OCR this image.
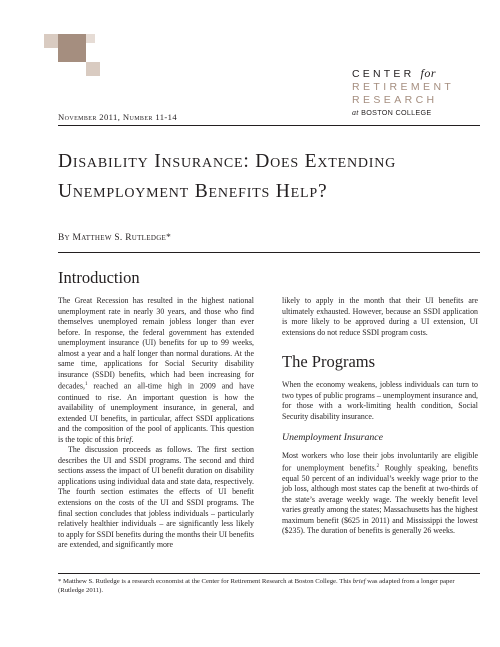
CENTER for
RETIREMENT
RESEARCH
at BOSTON COLLEGE
November 2011, Number 11-14
Disability Insurance: Does Extending
Unemployment Benefits Help?
By Matthew S. Rutledge*
Introduction

The Great Recession has resulted in the highest national unemployment rate in nearly 30 years, and those who find themselves unemployed remain jobless longer than ever before. In response, the federal government has extended unemployment insurance (UI) benefits for up to 99 weeks, almost a year and a half longer than normal durations. At the same time, applications for Social Security disability insurance (SSDI) benefits, which had been increasing for decades,$^1$ reached an all-time high in 2009 and have continued to rise. An important question is how the availability of unemployment insurance, in general, and extended UI benefits, in particular, affect SSDI applications and the composition of the pool of applicants. This question is the topic of this brief.

The discussion proceeds as follows. The first section describes the UI and SSDI programs. The second and third sections assess the impact of UI benefit duration on disability applications using individual data and state data, respectively. The fourth section estimates the effects of UI benefit extensions on the costs of the UI and SSDI programs. The final section concludes that jobless individuals – particularly relatively healthier individuals – are significantly less likely to apply for SSDI benefits during the months their UI benefits are extended, and significantly more

likely to apply in the month that their UI benefits are ultimately exhausted. However, because an SSDI application is more likely to be approved during a UI extension, UI extensions do not reduce SSDI program costs.

The Programs
When the economy weakens, jobless individuals can turn to two types of public programs – unemployment insurance and, for those with a work-limiting health condition, Social Security disability insurance.
Unemployment Insurance

Most workers who lose their jobs involuntarily are eligible for unemployment benefits.$^2$ Roughly speaking, benefits equal 50 percent of an individual’s weekly wage prior to the job loss, although most states cap the benefit at two-thirds of the state’s average weekly wage. The weekly benefit level varies greatly among the states; Massachusetts has the highest maximum benefit ($625 in 2011) and Mississippi the lowest ($235). The duration of benefits is generally 26 weeks.

* Matthew S. Rutledge is a research economist at the Center for Retirement Research at Boston College. This brief was adapted from a longer paper (Rutledge 2011).
